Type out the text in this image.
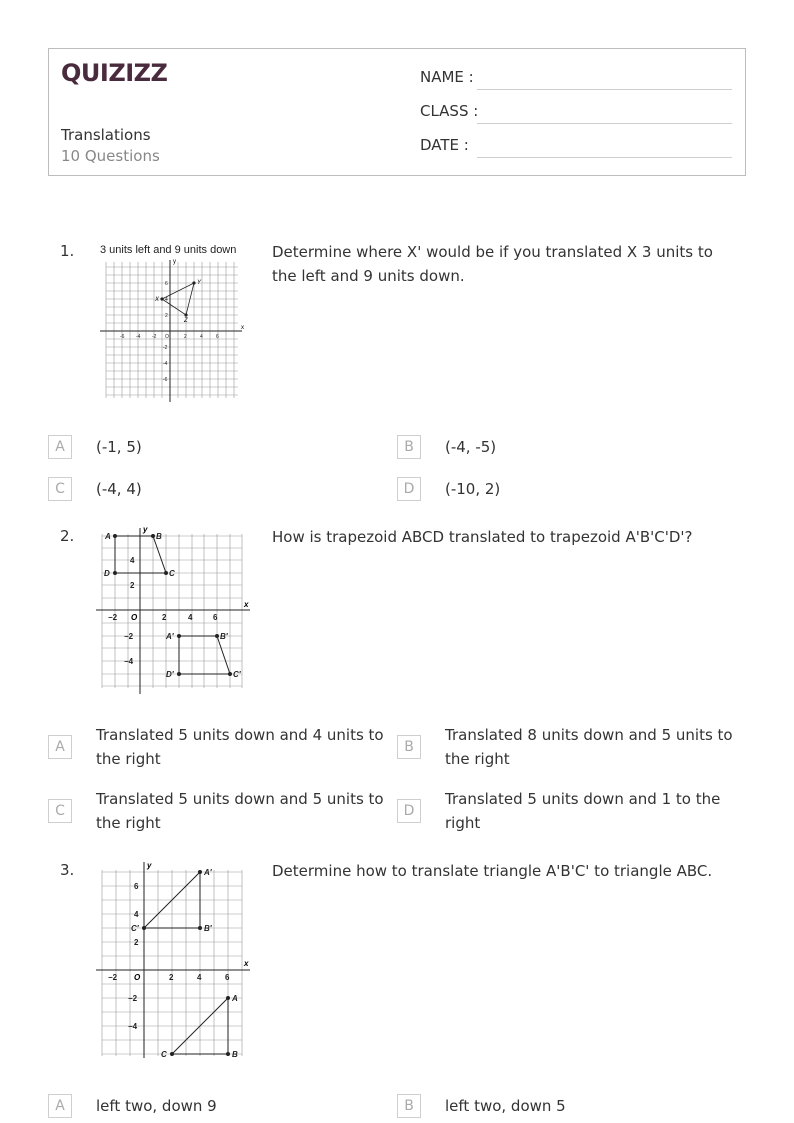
QUIZIZZ
Translations
10 Questions
NAME :
CLASS :
DATE :
1.	Determine where X' would be if you translated X 3 units to the left and 9 units down.
3 units left and 9 units down
x
y
-6 -4 -2 O	2	4	6
6
4
2
-2
-4
-6
X
Y
Z
A	(-1, 5)	B	(-4, -5)
C	(-4, 4)	D	(-10, 2)
2.	How is trapezoid ABCD translated to trapezoid A'B'C'D'?
x
y
O
−2	2	4	6
4
2
−2
−4
A	B
C
D
A′	B′
C′
D′
A
Translated 5 units down and 4 units to the right
B
Translated 8 units down and 5 units to the right
C
Translated 5 units down and 5 units to the right
D
Translated 5 units down and 1 to the right
3.	Determine how to translate triangle A'B'C' to triangle ABC.
x
y
O
−2	2	4	6
6
4
2
−2
−4
C′
A′
B′
C
A
B
A	left two, down 9	B	left two, down 5
